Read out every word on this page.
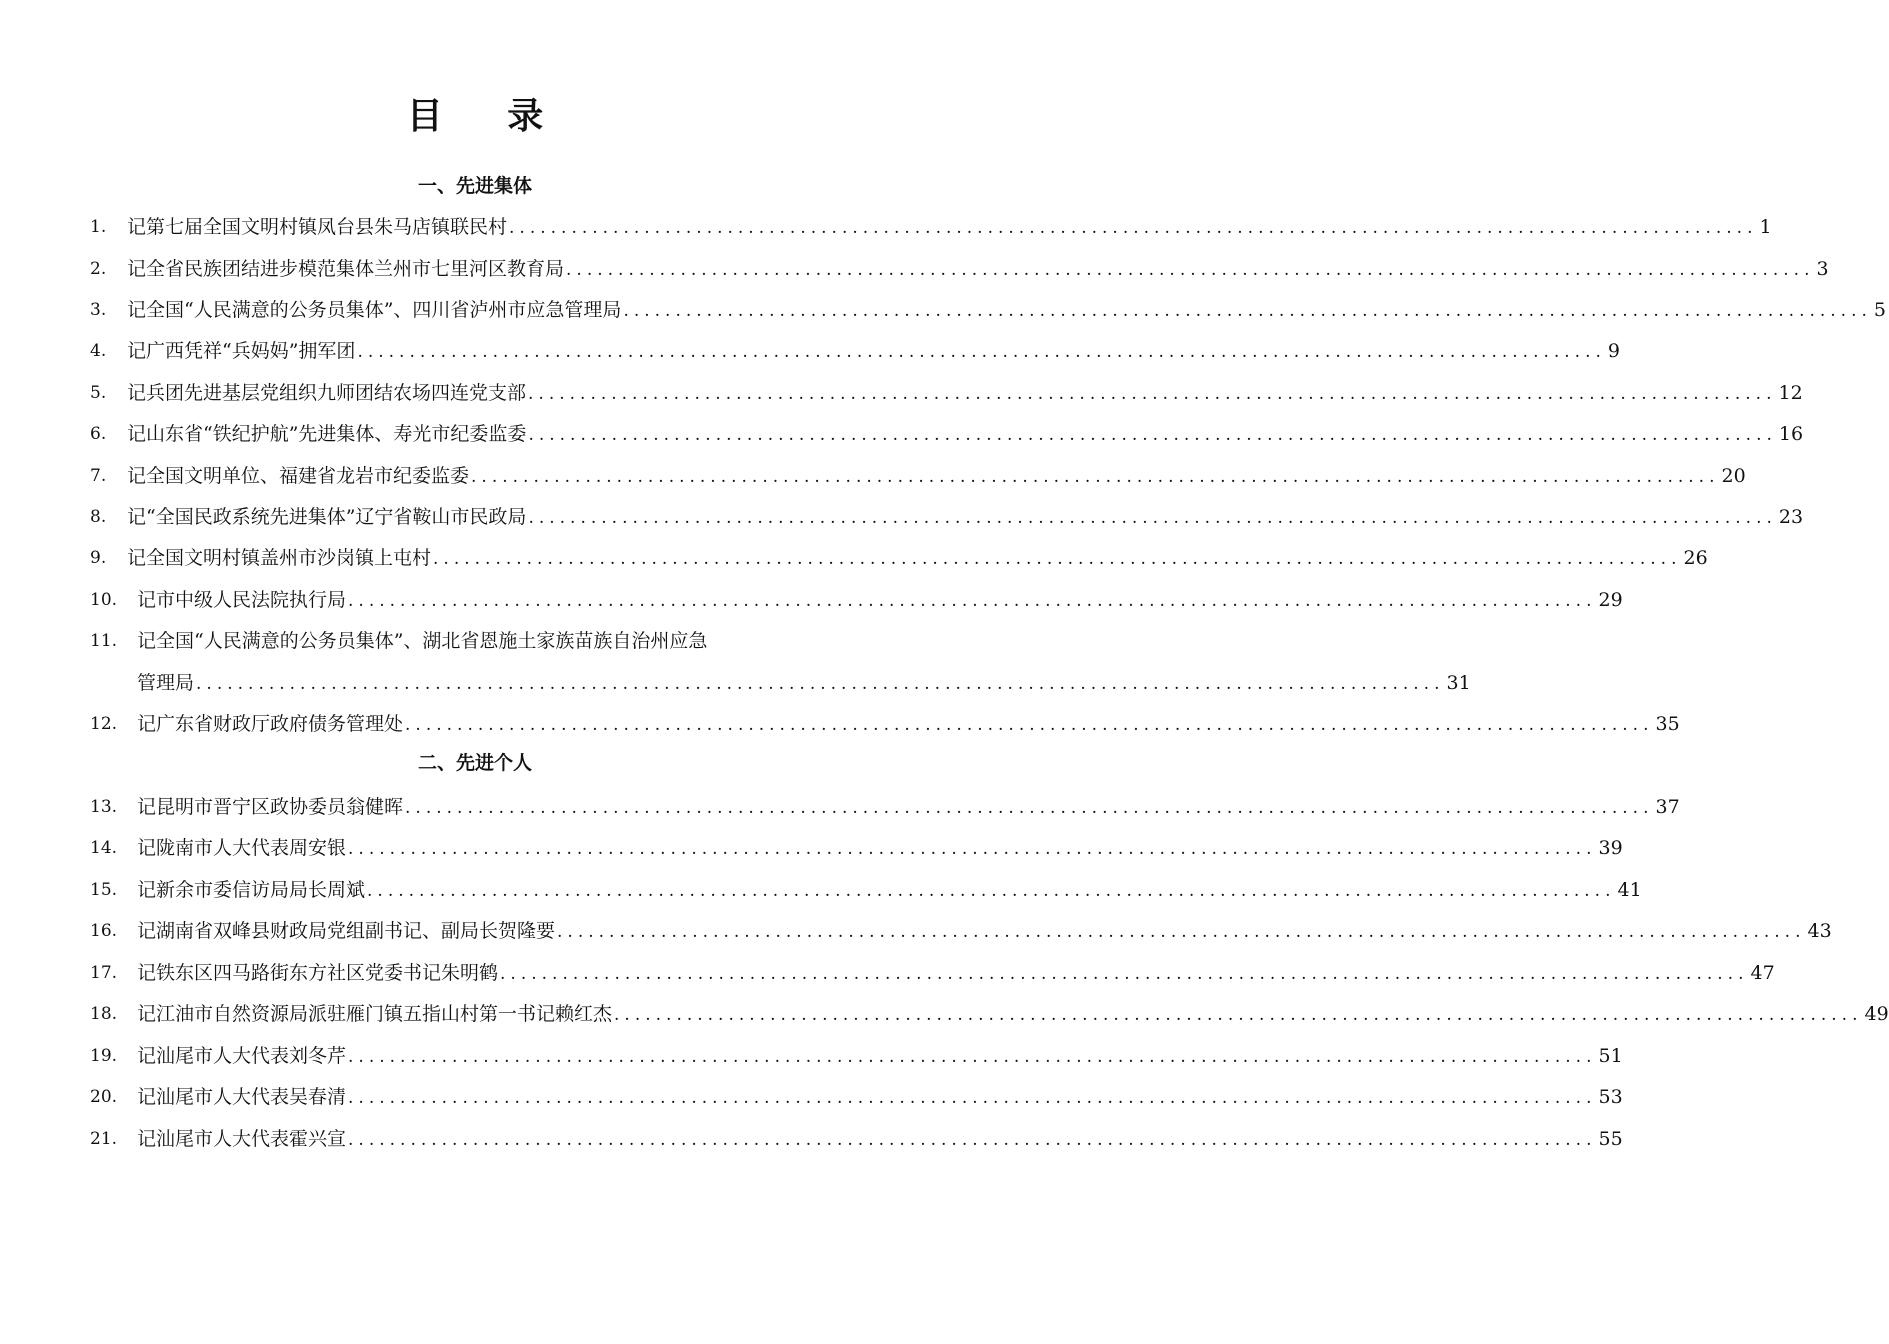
目 录
一、先进集体
1. 记第七届全国文明村镇凤台县朱马店镇联民村 ........................................................................................................................ 1
2. 记全省民族团结进步模范集体兰州市七里河区教育局 ........................................................................................................................ 3
3. 记全国“人民满意的公务员集体”、四川省泸州市应急管理局 ........................................................................................................................ 5
4. 记广西凭祥“兵妈妈”拥军团 ........................................................................................................................ 9
5. 记兵团先进基层党组织九师团结农场四连党支部 ........................................................................................................................ 12
6. 记山东省“铁纪护航”先进集体、寿光市纪委监委 ........................................................................................................................ 16
7. 记全国文明单位、福建省龙岩市纪委监委 ........................................................................................................................ 20
8. 记“全国民政系统先进集体”辽宁省鞍山市民政局 ........................................................................................................................ 23
9. 记全国文明村镇盖州市沙岗镇上屯村 ........................................................................................................................ 26
10. 记市中级人民法院执行局 ........................................................................................................................ 29
11. 记全国“人民满意的公务员集体”、湖北省恩施土家族苗族自治州应急
管理局 ........................................................................................................................ 31
12. 记广东省财政厅政府债务管理处 ........................................................................................................................ 35
二、先进个人
13. 记昆明市晋宁区政协委员翁健晖 ........................................................................................................................ 37
14. 记陇南市人大代表周安银 ........................................................................................................................ 39
15. 记新余市委信访局局长周斌 ........................................................................................................................ 41
16. 记湖南省双峰县财政局党组副书记、副局长贺隆要 ........................................................................................................................ 43
17. 记铁东区四马路街东方社区党委书记朱明鹤 ........................................................................................................................ 47
18. 记江油市自然资源局派驻雁门镇五指山村第一书记赖红杰 ........................................................................................................................ 49
19. 记汕尾市人大代表刘冬芹 ........................................................................................................................ 51
20. 记汕尾市人大代表吴春清 ........................................................................................................................ 53
21. 记汕尾市人大代表霍兴宣 ........................................................................................................................ 55
